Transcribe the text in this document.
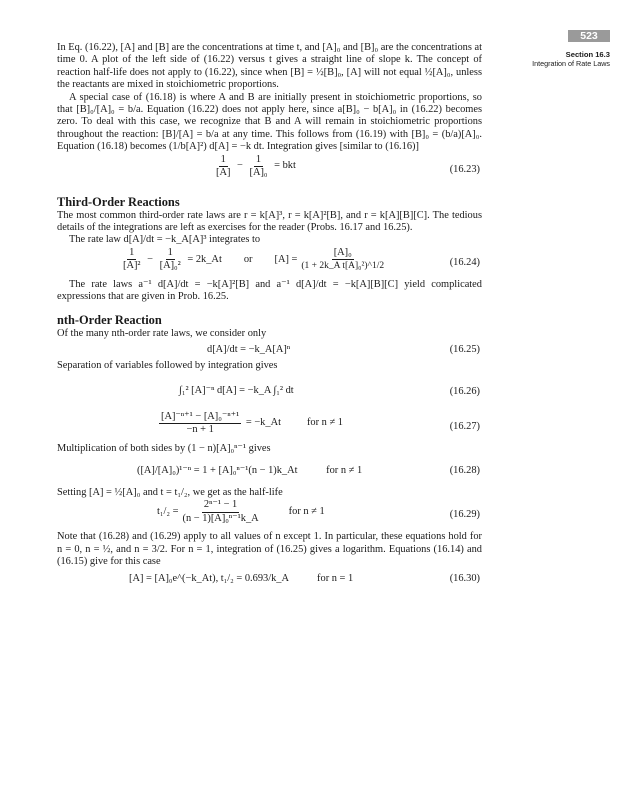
523
Section 16.3
Integration of Rate Laws

In Eq. (16.22), [A] and [B] are the concentrations at time t, and [A]₀ and [B]₀ are the concentrations at time 0. A plot of the left side of (16.22) versus t gives a straight line of slope k. The concept of reaction half-life does not apply to (16.22), since when [B] = ½[B]₀, [A] will not equal ½[A]₀, unless the reactants are mixed in stoichiometric proportions.

A special case of (16.18) is where A and B are initially present in stoichiometric proportions, so that [B]₀/[A]₀ = b/a. Equation (16.22) does not apply here, since a[B]₀ − b[A]₀ in (16.22) becomes zero. To deal with this case, we recognize that B and A will remain in stoichiometric proportions throughout the reaction: [B]/[A] = b/a at any time. This follows from (16.19) with [B]₀ = (b/a)[A]₀. Equation (16.18) becomes (1/b[A]²) d[A] = −k dt. Integration gives [similar to (16.16)]

$\frac{1}{[A]} - \frac{1}{\text{[A]₀}}$
= bkt	(16.23)
Third-Order Reactions

The most common third-order rate laws are r = k[A]³, r = k[A]²[B], and r = k[A][B][C]. The tedious details of the integrations are left as exercises for the reader (Probs. 16.17 and 16.25).

The rate law d[A]/dt = −k_A[A]³ integrates to

$\frac{1}{\text{[A]²}} - \frac{1}{\text{[A]₀²}}$
= 2k_At or $[A] = \frac{\text{[A]₀}}{\text{(1 + 2k\_A t[A]₀²)\textasciicircum{}1/2}}$	(16.24)

The rate laws a⁻¹ d[A]/dt = −k[A]²[B] and a⁻¹ d[A]/dt = −k[A][B][C] yield complicated expressions that are given in Prob. 16.25.

nth-Order Reaction

Of the many nth-order rate laws, we consider only

d[A]/dt = −k_A[A]ⁿ	(16.25)

Separation of variables followed by integration gives

∫₁² [A]⁻ⁿ d[A] = −k_A ∫₁² dt	(16.26)
$\frac{\text{[A]⁻ⁿ⁺¹ − [A]₀⁻ⁿ⁺¹}}{-n + 1}$
= −k_At	for n ≠ 1	(16.27)

Multiplication of both sides by (1 − n)[A]₀ⁿ⁻¹ gives

([A]/[A]₀)¹⁻ⁿ = 1 + [A]₀ⁿ⁻¹(n − 1)k_At	for n ≠ 1	(16.28)

Setting [A] = ½[A]₀ and t = t₁/₂, we get as the half-life

$t_1/_2 = \frac{\text{2ⁿ⁻¹ − 1}}{\text{(n − 1)[A]₀ⁿ⁻¹k\_A}}$	for n ≠ 1	(16.29)

Note that (16.28) and (16.29) apply to all values of n except 1. In particular, these equations hold for n = 0, n = ½, and n = 3/2. For n = 1, integration of (16.25) gives a logarithm. Equations (16.14) and (16.15) give for this case

[A] = [A]₀e^(−k_At), t₁/₂ = 0.693/k_A	for n = 1	(16.30)
